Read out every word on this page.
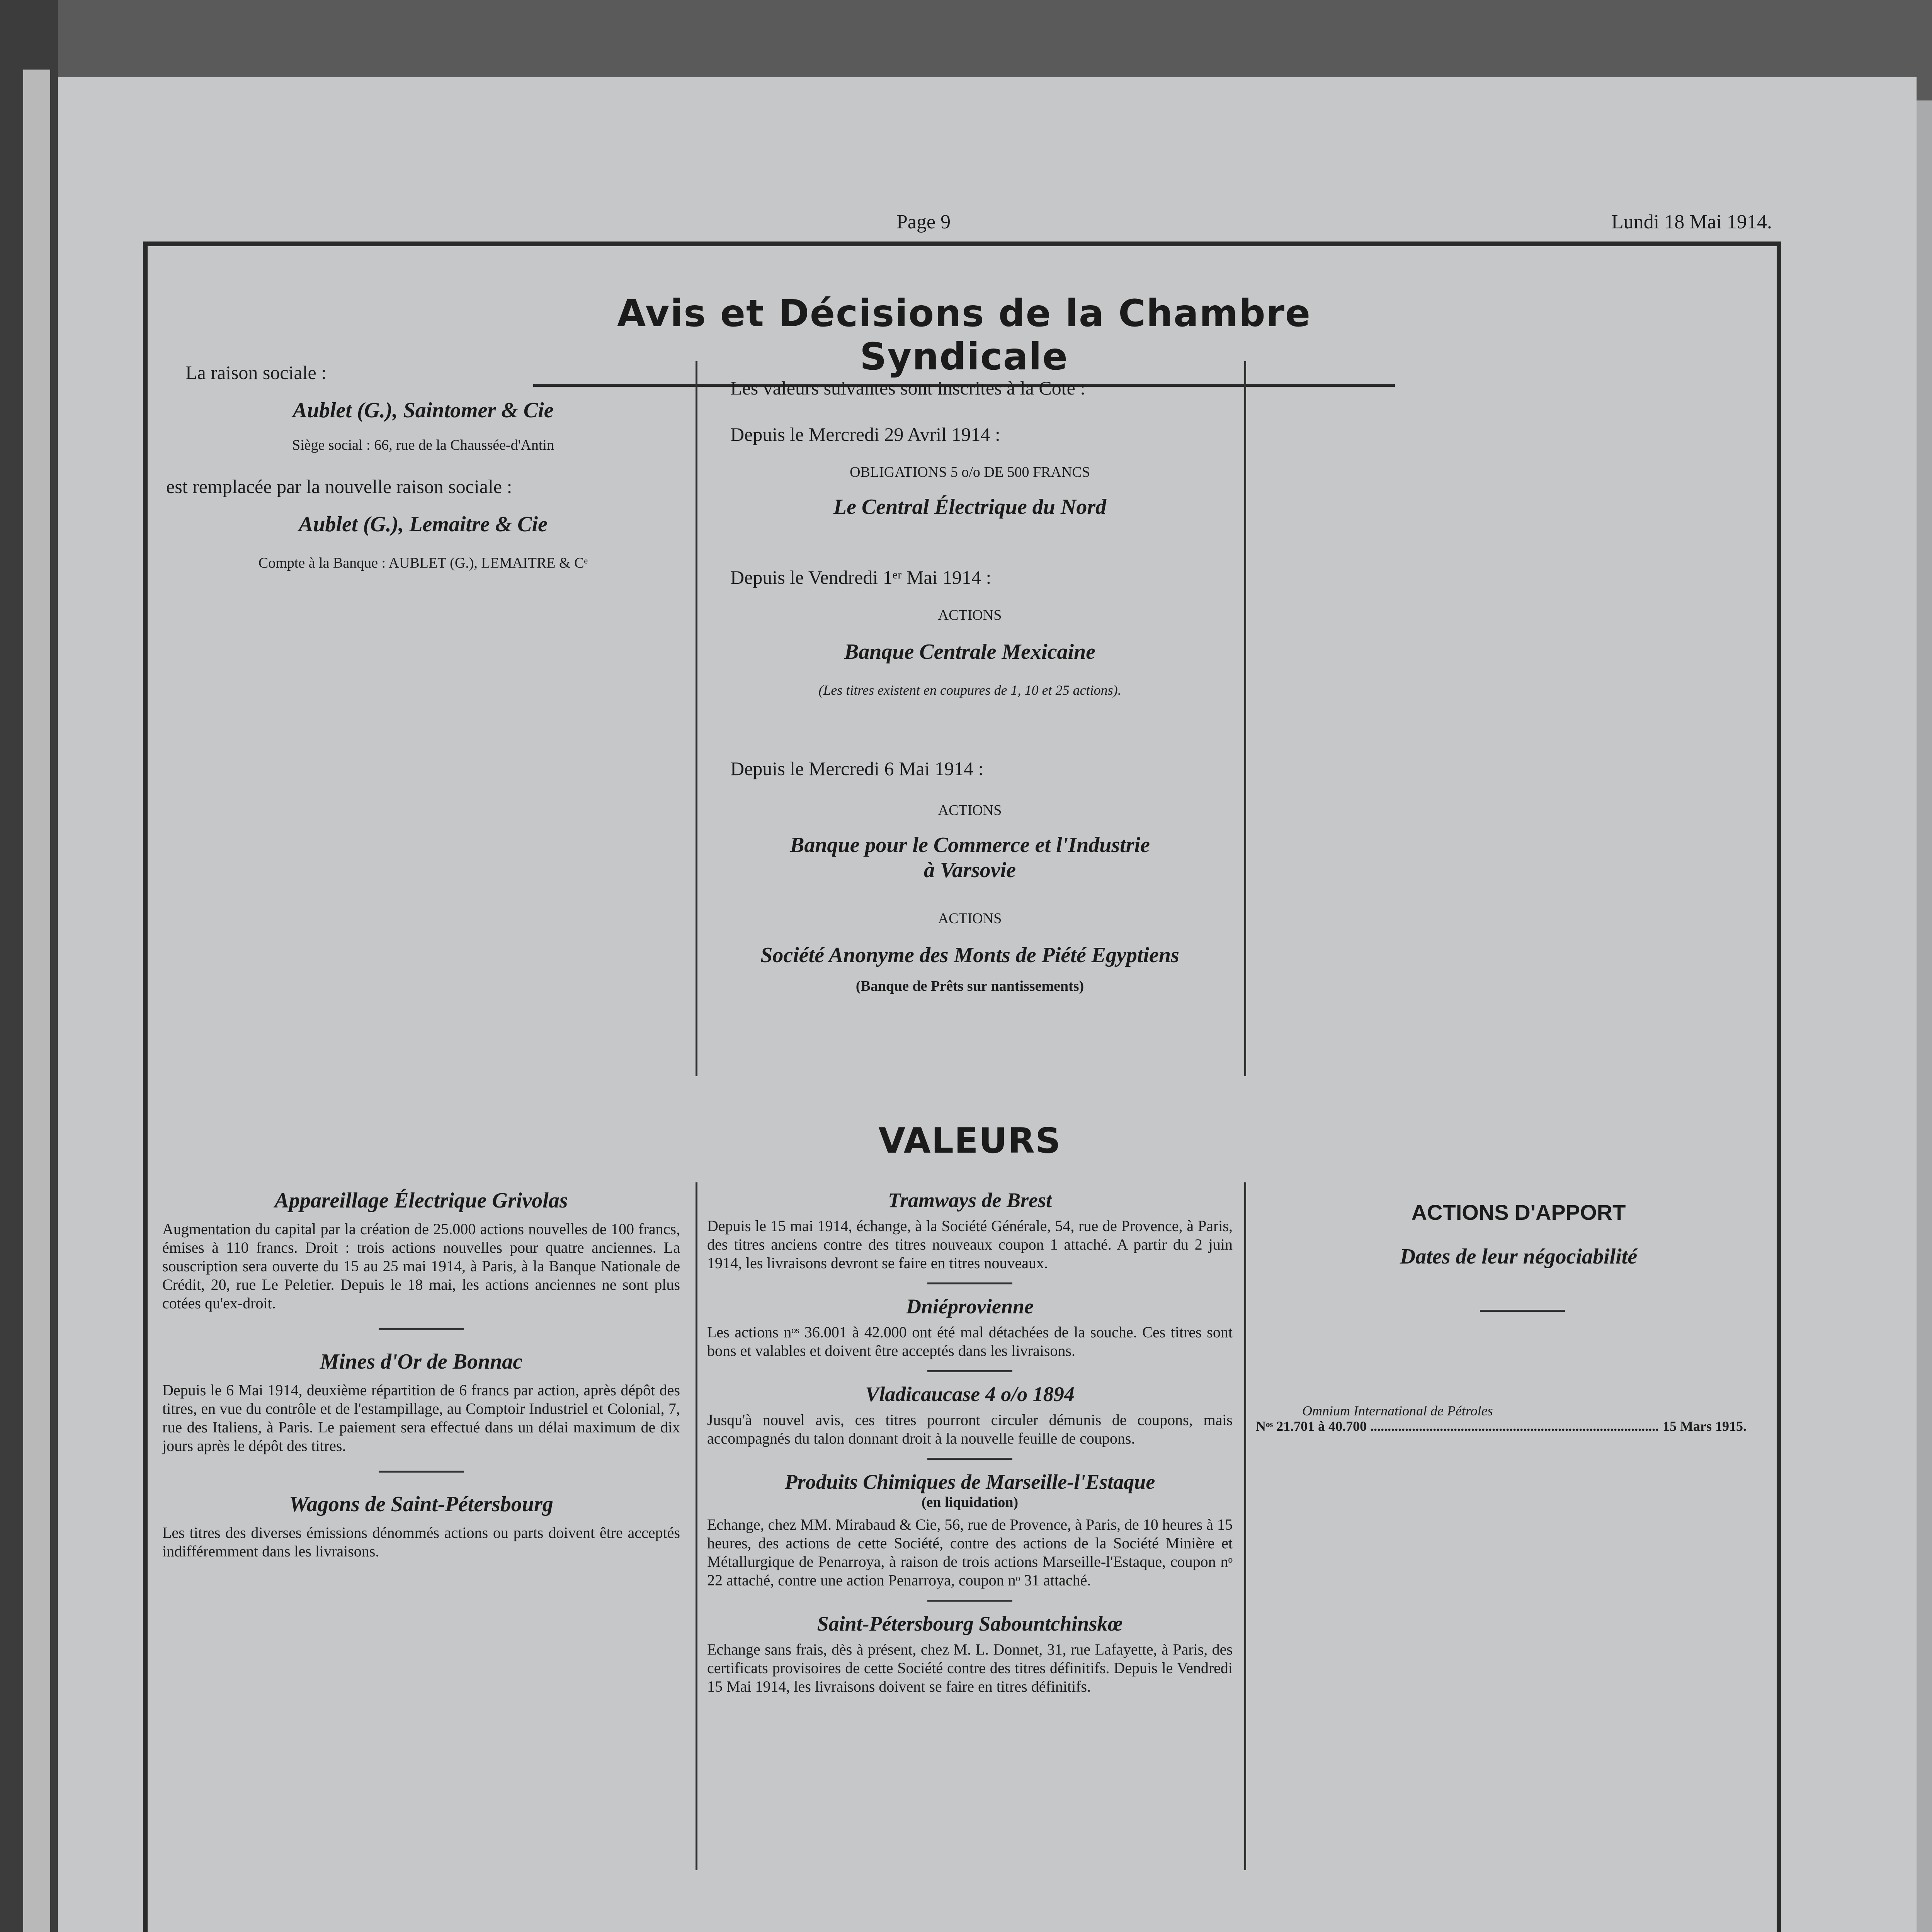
Page 9	Lundi 18 Mai 1914.
Avis et Décisions de la Chambre Syndicale
La raison sociale :
Aublet (G.), Saintomer & Cie
Siège social : 66, rue de la Chaussée-d'Antin
est remplacée par la nouvelle raison sociale :
Aublet (G.), Lemaitre & Cie
Compte à la Banque : AUBLET (G.), LEMAITRE & Cᵉ
Les valeurs suivantes sont inscrites à la Cote :
Depuis le Mercredi 29 Avril 1914 :
OBLIGATIONS 5 o/o DE 500 FRANCS
Le Central Électrique du Nord
Depuis le Vendredi 1ᵉʳ Mai 1914 :
ACTIONS
Banque Centrale Mexicaine
(Les titres existent en coupures de 1, 10 et 25 actions).
Depuis le Mercredi 6 Mai 1914 :
ACTIONS
Banque pour le Commerce et l'Industrie
à Varsovie
ACTIONS
Société Anonyme des Monts de Piété Egyptiens
(Banque de Prêts sur nantissements)
VALEURS
Appareillage Électrique Grivolas
Augmentation du capital par la création de 25.000 actions nouvelles de 100 francs, émises à 110 francs. Droit : trois actions nouvelles pour quatre anciennes. La souscription sera ouverte du 15 au 25 mai 1914, à Paris, à la Banque Nationale de Crédit, 20, rue Le Peletier. Depuis le 18 mai, les actions anciennes ne sont plus cotées qu'ex-droit.
Mines d'Or de Bonnac
Depuis le 6 Mai 1914, deuxième répartition de 6 francs par action, après dépôt des titres, en vue du contrôle et de l'estampillage, au Comptoir Industriel et Colonial, 7, rue des Italiens, à Paris. Le paiement sera effectué dans un délai maximum de dix jours après le dépôt des titres.
Wagons de Saint-Pétersbourg
Les titres des diverses émissions dénommés actions ou parts doivent être acceptés indifféremment dans les livraisons.
Tramways de Brest
Depuis le 15 mai 1914, échange, à la Société Générale, 54, rue de Provence, à Paris, des titres anciens contre des titres nouveaux coupon 1 attaché. A partir du 2 juin 1914, les livraisons devront se faire en titres nouveaux.
Dniéprovienne
Les actions nᵒˢ 36.001 à 42.000 ont été mal détachées de la souche. Ces titres sont bons et valables et doivent être acceptés dans les livraisons.
Vladicaucase 4 o/o 1894
Jusqu'à nouvel avis, ces titres pourront circuler démunis de coupons, mais accompagnés du talon donnant droit à la nouvelle feuille de coupons.
Produits Chimiques de Marseille-l'Estaque
(en liquidation)
Echange, chez MM. Mirabaud & Cie, 56, rue de Provence, à Paris, de 10 heures à 15 heures, des actions de cette Société, contre des actions de la Société Minière et Métallurgique de Penarroya, à raison de trois actions Marseille-l'Estaque, coupon nᵒ 22 attaché, contre une action Penarroya, coupon nᵒ 31 attaché.
Saint-Pétersbourg Sabountchinskœ
Echange sans frais, dès à présent, chez M. L. Donnet, 31, rue Lafayette, à Paris, des certificats provisoires de cette Société contre des titres définitifs. Depuis le Vendredi 15 Mai 1914, les livraisons doivent se faire en titres définitifs.
ACTIONS D'APPORT
Dates de leur négociabilité
Omnium International de Pétroles
Nᵒˢ 21.701 à 40.700 .....	15 Mars 1915.
